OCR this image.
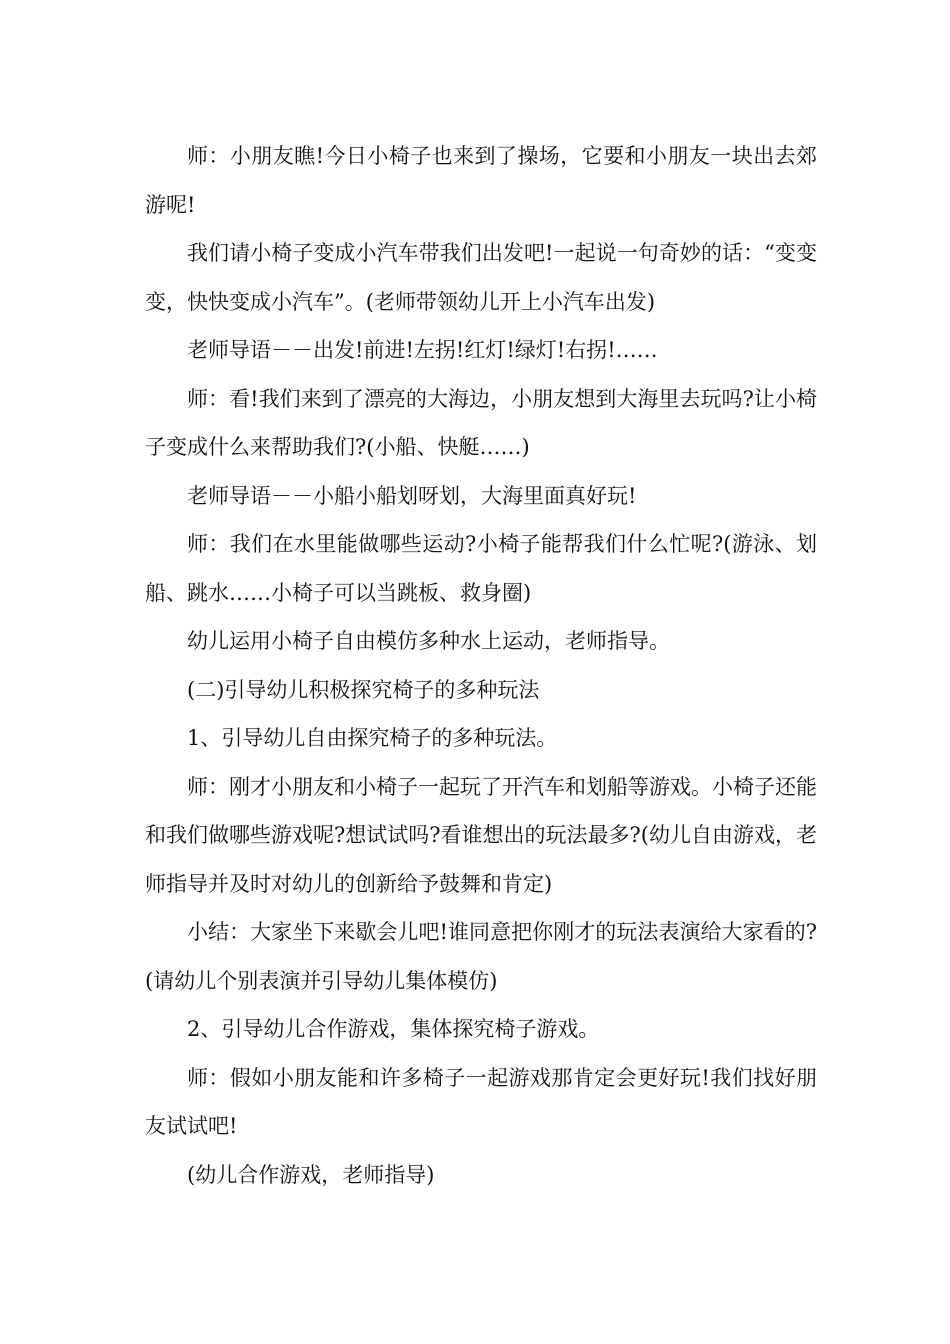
师：小朋友瞧!今日小椅子也来到了操场，它要和小朋友一块出去郊游呢!

我们请小椅子变成小汽车带我们出发吧!一起说一句奇妙的话：“变变变，快快变成小汽车”。(老师带领幼儿开上小汽车出发)

老师导语－－出发!前进!左拐!红灯!绿灯!右拐!……

师：看!我们来到了漂亮的大海边，小朋友想到大海里去玩吗?让小椅子变成什么来帮助我们?(小船、快艇……)

老师导语－－小船小船划呀划，大海里面真好玩!

师：我们在水里能做哪些运动?小椅子能帮我们什么忙呢?(游泳、划船、跳水……小椅子可以当跳板、救身圈)

幼儿运用小椅子自由模仿多种水上运动，老师指导。

(二)引导幼儿积极探究椅子的多种玩法

1、引导幼儿自由探究椅子的多种玩法。

师：刚才小朋友和小椅子一起玩了开汽车和划船等游戏。小椅子还能和我们做哪些游戏呢?想试试吗?看谁想出的玩法最多?(幼儿自由游戏，老师指导并及时对幼儿的创新给予鼓舞和肯定)

小结：大家坐下来歇会儿吧!谁同意把你刚才的玩法表演给大家看的?(请幼儿个别表演并引导幼儿集体模仿)

2、引导幼儿合作游戏，集体探究椅子游戏。

师：假如小朋友能和许多椅子一起游戏那肯定会更好玩!我们找好朋友试试吧!

(幼儿合作游戏，老师指导)
